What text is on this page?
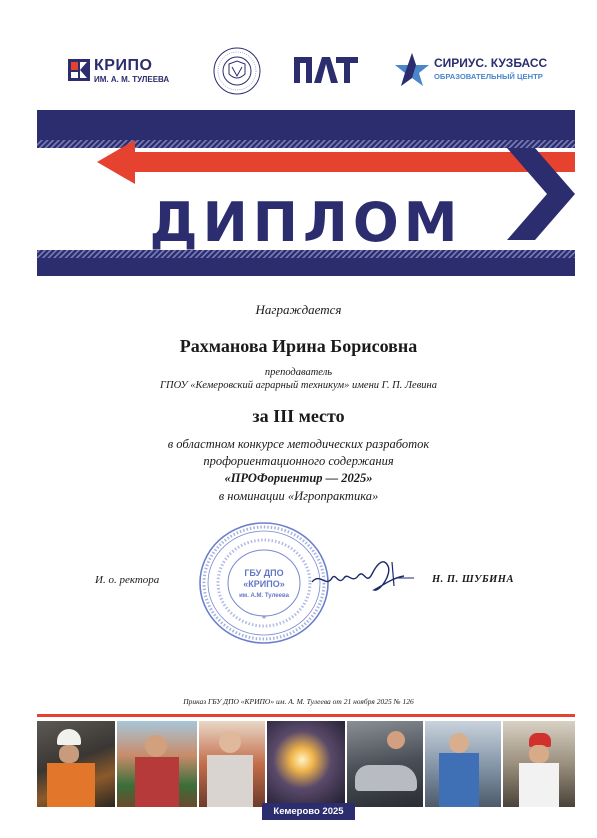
КРИПО
ИМ. А. М. ТУЛЕЕВА
СИРИУС. КУЗБАСС
ОБРАЗОВАТЕЛЬНЫЙ ЦЕНТР
ДИПЛОМ
Награждается
Рахманова Ирина Борисовна
преподаватель
ГПОУ «Кемеровский аграрный техникум» имени Г. П. Левина
за III место
в областном конкурсе методических разработок
профориентационного содержания
«ПРОФориентир — 2025»
в номинации «Игропрактика»
ГБУ ДПО
«КРИПО»
им. А.М. Тулеева
*
И. о. ректора	Н. П. ШУБИНА
Приказ ГБУ ДПО «КРИПО» им. А. М. Тулеева от 21 ноября 2025 № 126
Кемерово 2025
